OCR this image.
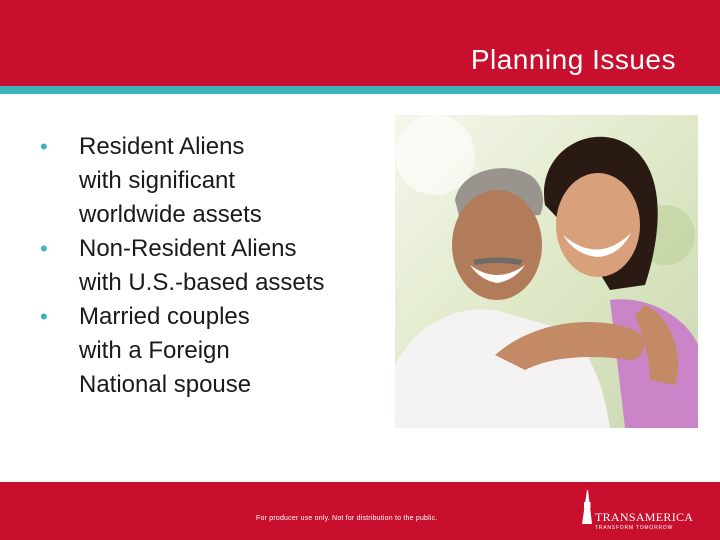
Planning Issues
• Resident Aliens
with significant
worldwide assets
• Non-Resident Aliens
with U.S.-based assets
• Married couples
with a Foreign
National spouse
For producer use only. Not for distribution to the public.	TRANSAMERICA
TRANSFORM TOMORROW
